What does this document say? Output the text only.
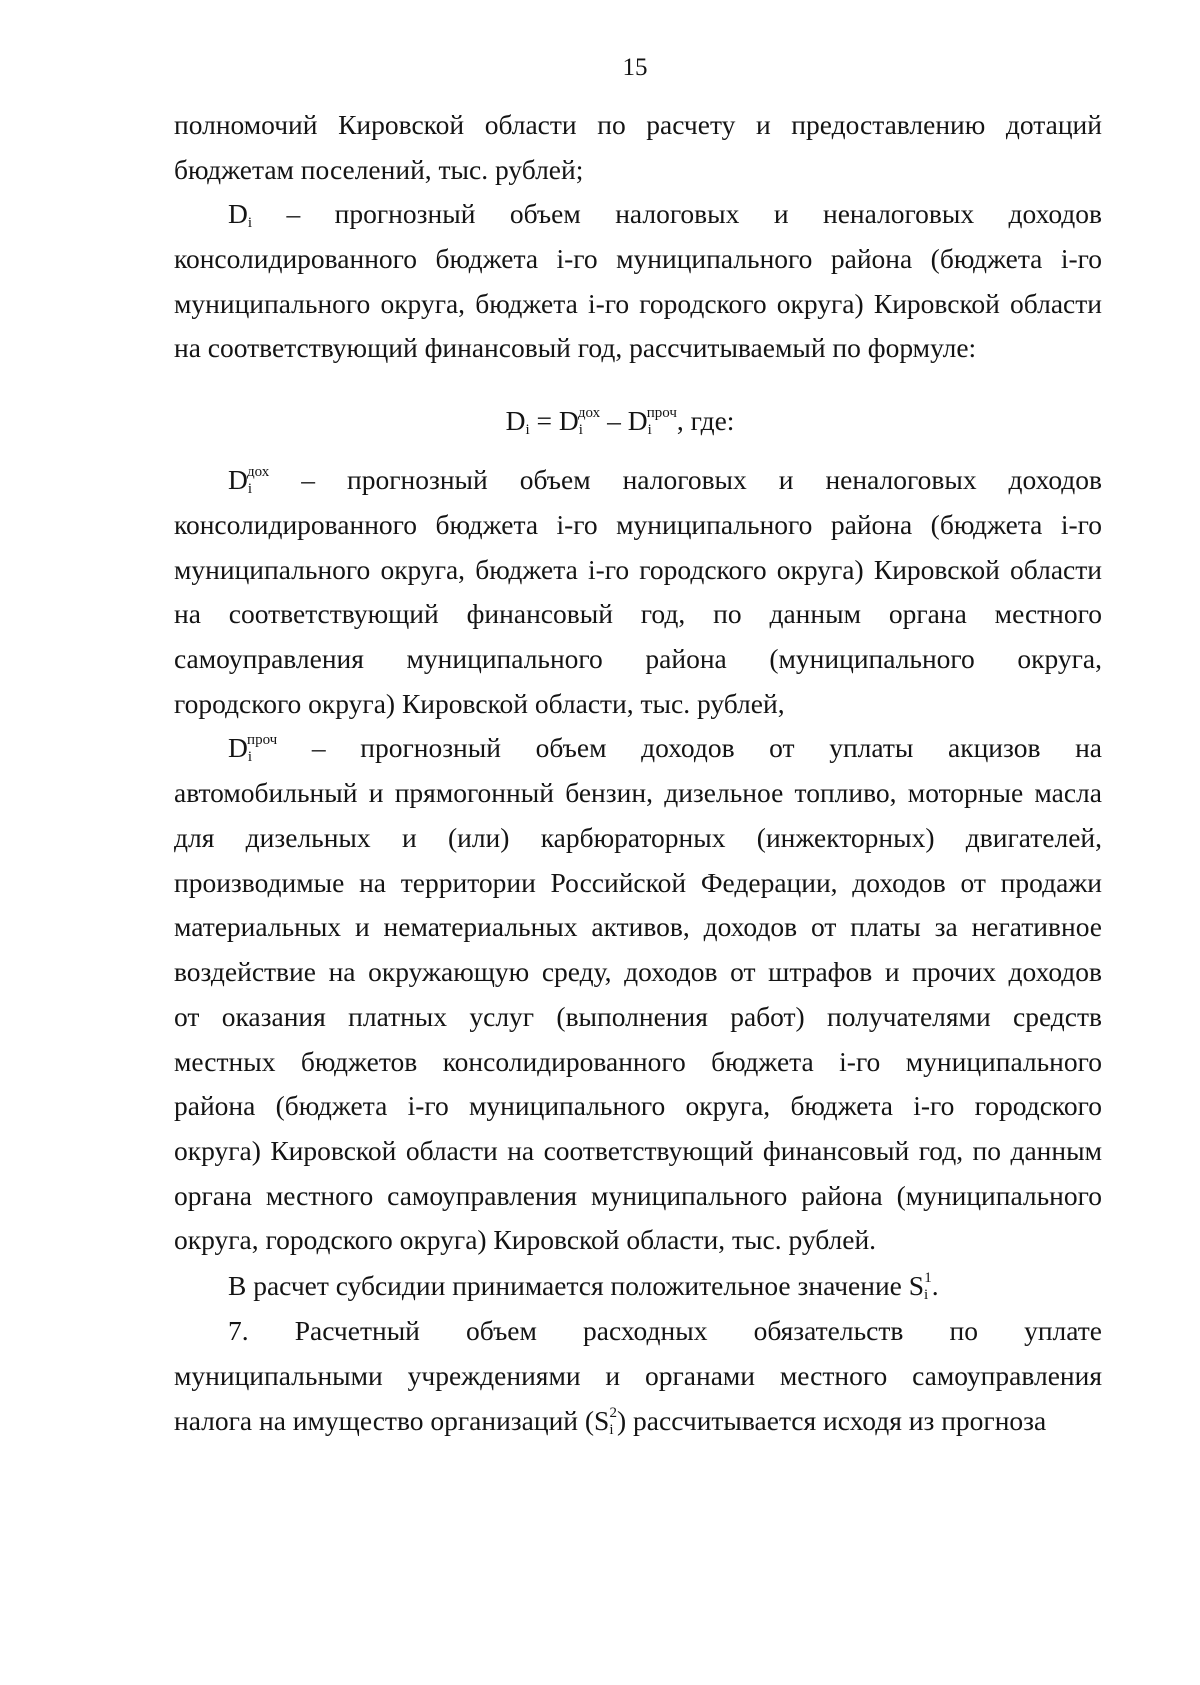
15
полномочий Кировской области по расчету и предоставлению дотаций
бюджетам поселений, тыс. рублей;
$D_i$ – прогнозный объем налоговых и неналоговых доходов
консолидированного бюджета i-го муниципального района (бюджета i-го
муниципального округа, бюджета i-го городского округа) Кировской области
на соответствующий финансовый год, рассчитываемый по формуле:
$D_i = D_i^{дох} - D_i^{проч}$, где:
$D_i^{дох}$ – прогнозный объем налоговых и неналоговых доходов
консолидированного бюджета i-го муниципального района (бюджета i-го
муниципального округа, бюджета i-го городского округа) Кировской области
на соответствующий финансовый год, по данным органа местного
самоуправления муниципального района (муниципального округа,
городского округа) Кировской области, тыс. рублей,
$D_i^{проч}$ – прогнозный объем доходов от уплаты акцизов на
автомобильный и прямогонный бензин, дизельное топливо, моторные масла
для дизельных и (или) карбюраторных (инжекторных) двигателей,
производимые на территории Российской Федерации, доходов от продажи
материальных и нематериальных активов, доходов от платы за негативное
воздействие на окружающую среду, доходов от штрафов и прочих доходов
от оказания платных услуг (выполнения работ) получателями средств
местных бюджетов консолидированного бюджета i-го муниципального
района (бюджета i-го муниципального округа, бюджета i-го городского
округа) Кировской области на соответствующий финансовый год, по данным
органа местного самоуправления муниципального района (муниципального
округа, городского округа) Кировской области, тыс. рублей.
В расчет субсидии принимается положительное значение $S_i^1$.
7. Расчетный объем расходных обязательств по уплате
муниципальными учреждениями и органами местного самоуправления
налога на имущество организаций $(S_i^2)$ рассчитывается исходя из прогноза
